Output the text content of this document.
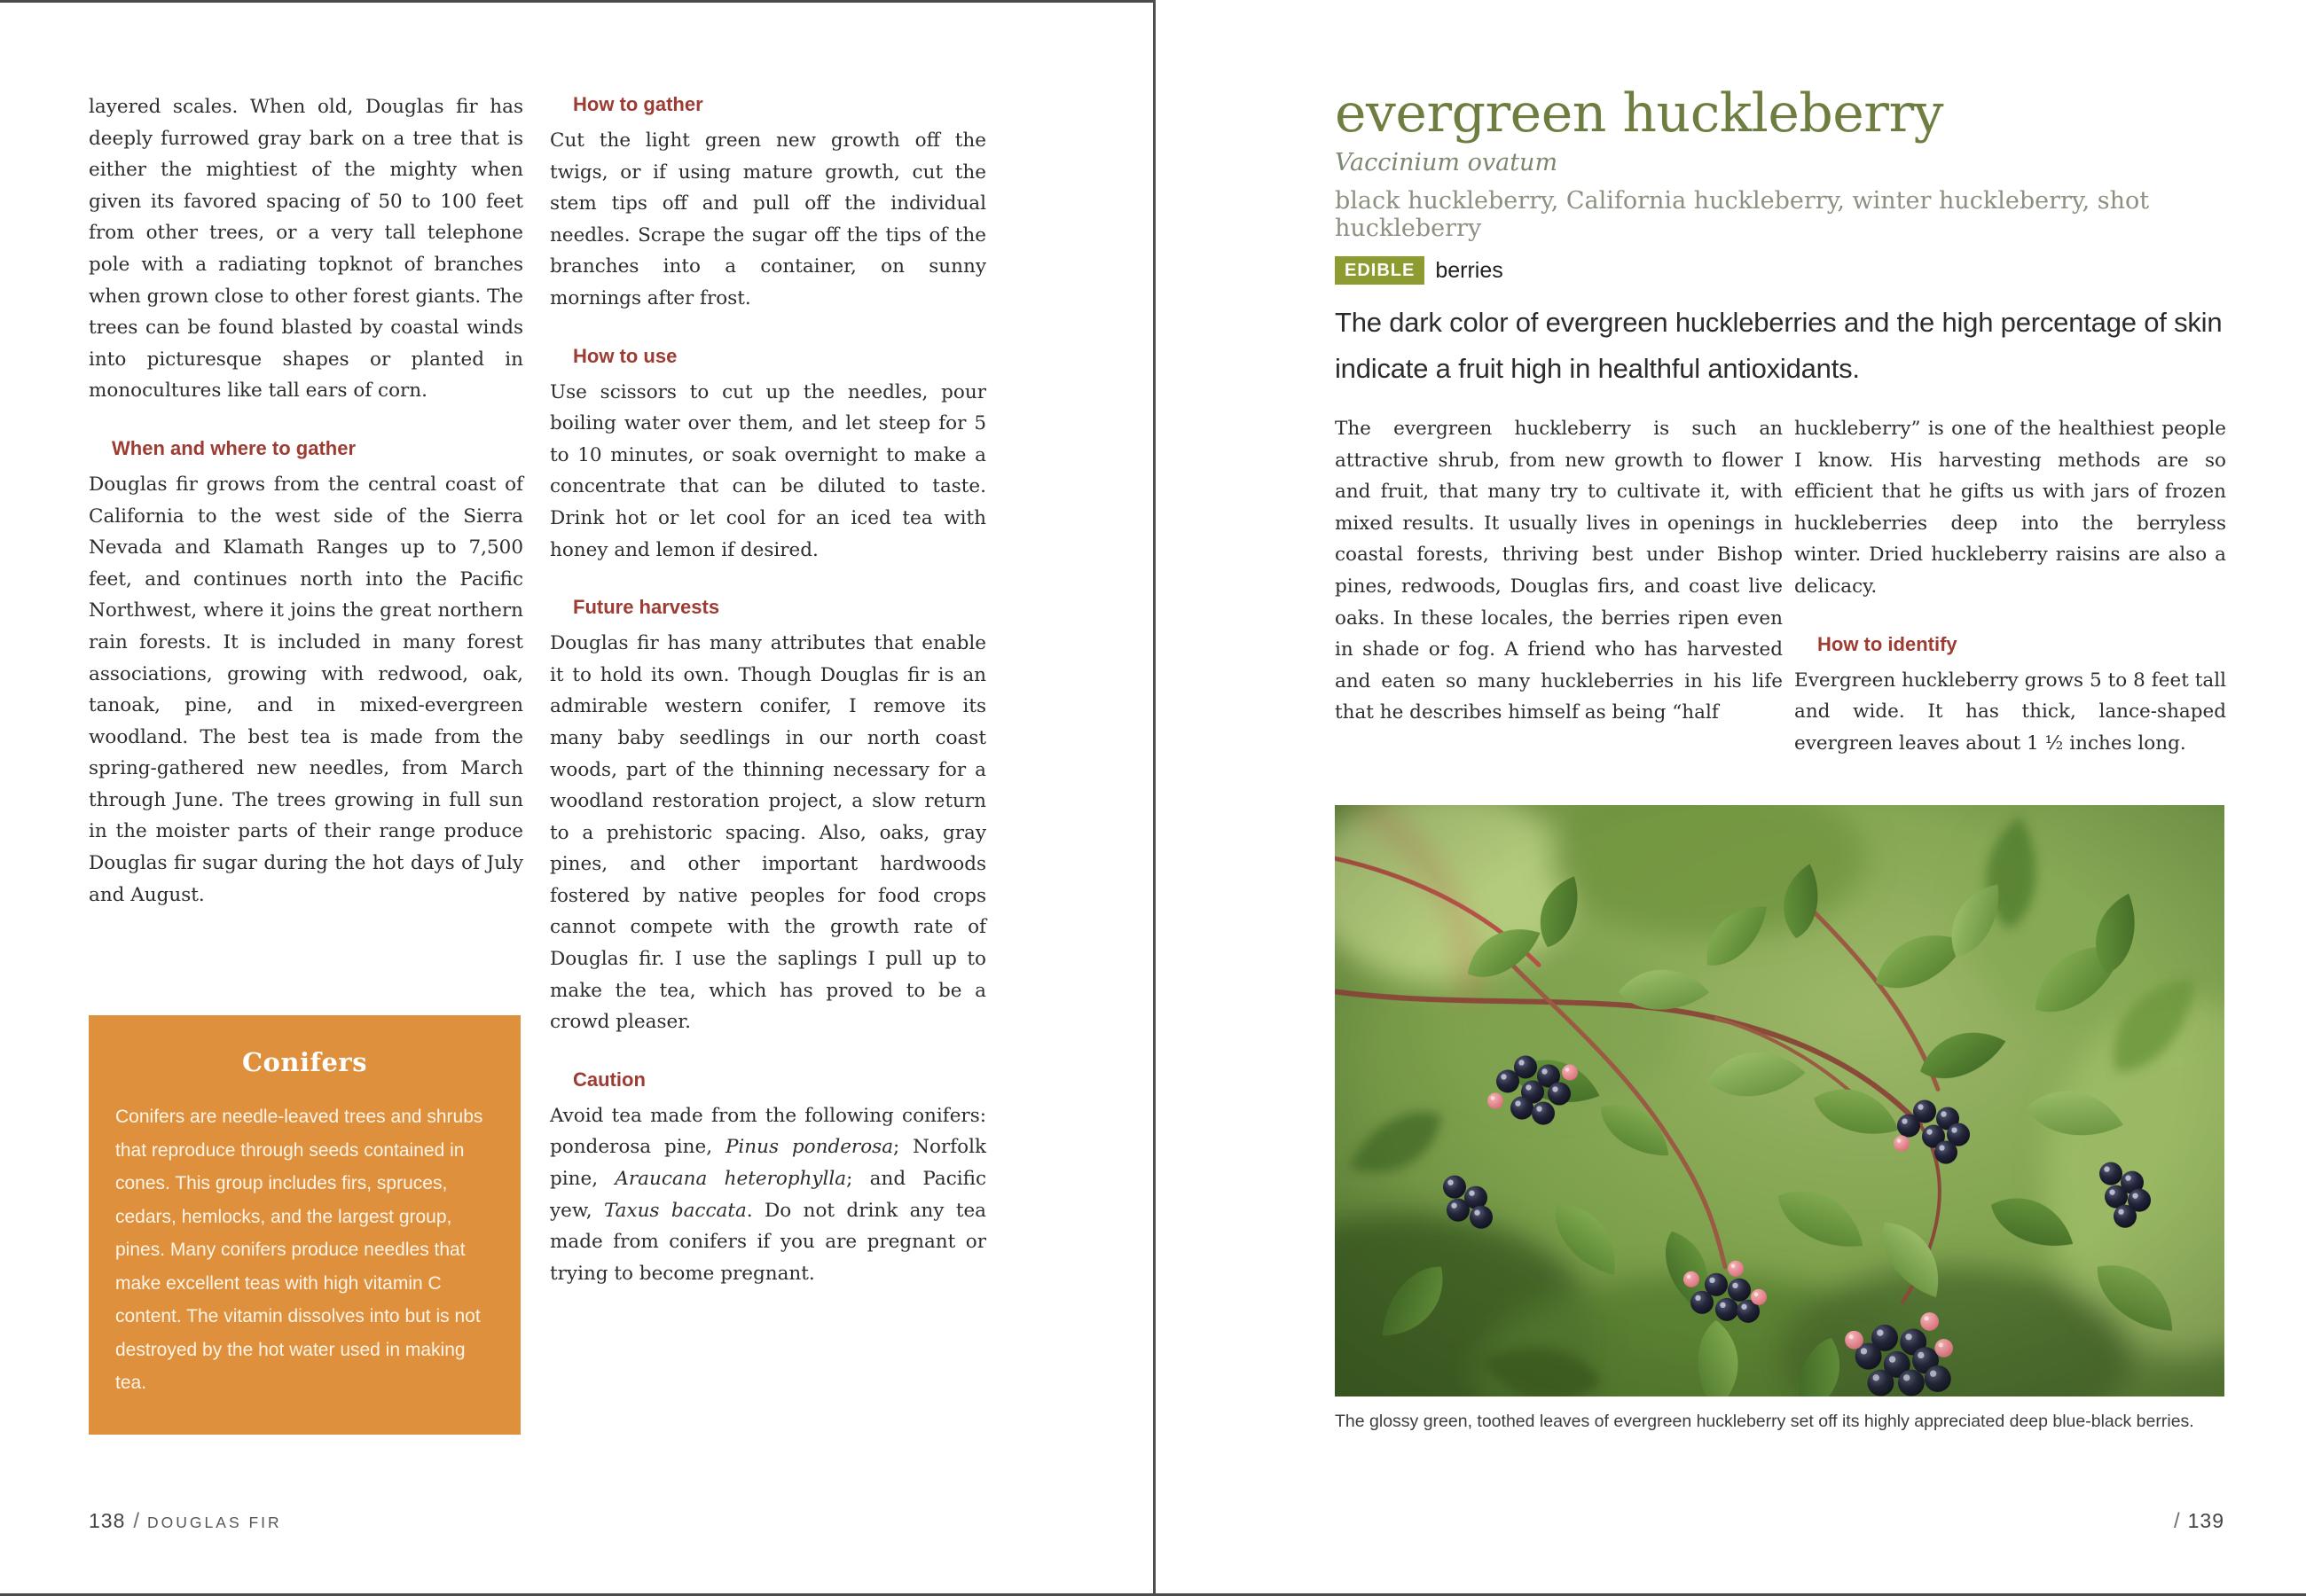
layered scales. When old, Douglas fir has deeply furrowed gray bark on a tree that is either the mightiest of the mighty when given its favored spacing of 50 to 100 feet from other trees, or a very tall telephone pole with a radiating topknot of branches when grown close to other forest giants. The trees can be found blasted by coastal winds into picturesque shapes or planted in monocultures like tall ears of corn.

When and where to gather

Douglas fir grows from the central coast of California to the west side of the Sierra Nevada and Klamath Ranges up to 7,500 feet, and continues north into the Pacific Northwest, where it joins the great northern rain forests. It is included in many forest associations, growing with redwood, oak, tanoak, pine, and in mixed-evergreen woodland. The best tea is made from the spring-gathered new needles, from March through June. The trees growing in full sun in the moister parts of their range produce Douglas fir sugar during the hot days of July and August.

Conifers

Conifers are needle-leaved trees and shrubs that reproduce through seeds contained in cones. This group includes firs, spruces, cedars, hemlocks, and the largest group, pines. Many conifers produce needles that make excellent teas with high vitamin C content. The vitamin dissolves into but is not destroyed by the hot water used in making tea.

How to gather

Cut the light green new growth off the twigs, or if using mature growth, cut the stem tips off and pull off the individual needles. Scrape the sugar off the tips of the branches into a container, on sunny mornings after frost.

How to use

Use scissors to cut up the needles, pour boiling water over them, and let steep for 5 to 10 minutes, or soak overnight to make a concentrate that can be diluted to taste. Drink hot or let cool for an iced tea with honey and lemon if desired.

Future harvests

Douglas fir has many attributes that enable it to hold its own. Though Douglas fir is an admirable western conifer, I remove its many baby seedlings in our north coast woods, part of the thinning necessary for a woodland restoration project, a slow return to a prehistoric spacing. Also, oaks, gray pines, and other important hardwoods fostered by native peoples for food crops cannot compete with the growth rate of Douglas fir. I use the saplings I pull up to make the tea, which has proved to be a crowd pleaser.

Caution

Avoid tea made from the following conifers: ponderosa pine, Pinus ponderosa; Norfolk pine, Araucana heterophylla; and Pacific yew, Taxus baccata. Do not drink any tea made from conifers if you are pregnant or trying to become pregnant.

138 / DOUGLAS FIR
evergreen huckleberry

Vaccinium ovatum

black huckleberry, California huckleberry, winter huckleberry, shot huckleberry

EDIBLE berries
The dark color of evergreen huckleberries and the high percentage of skin indicate a fruit high in healthful antioxidants.

The evergreen huckleberry is such an attractive shrub, from new growth to flower and fruit, that many try to cultivate it, with mixed results. It usually lives in openings in coastal forests, thriving best under Bishop pines, redwoods, Douglas firs, and coast live oaks. In these locales, the berries ripen even in shade or fog. A friend who has harvested and eaten so many huckleberries in his life that he describes himself as being “half

huckleberry” is one of the healthiest people I know. His harvesting methods are so efficient that he gifts us with jars of frozen huckleberries deep into the berryless winter. Dried huckleberry raisins are also a delicacy.

How to identify

Evergreen huckleberry grows 5 to 8 feet tall and wide. It has thick, lance-shaped evergreen leaves about 1 ½ inches long.

The glossy green, toothed leaves of evergreen huckleberry set off its highly appreciated deep blue-black berries.
/ 139
